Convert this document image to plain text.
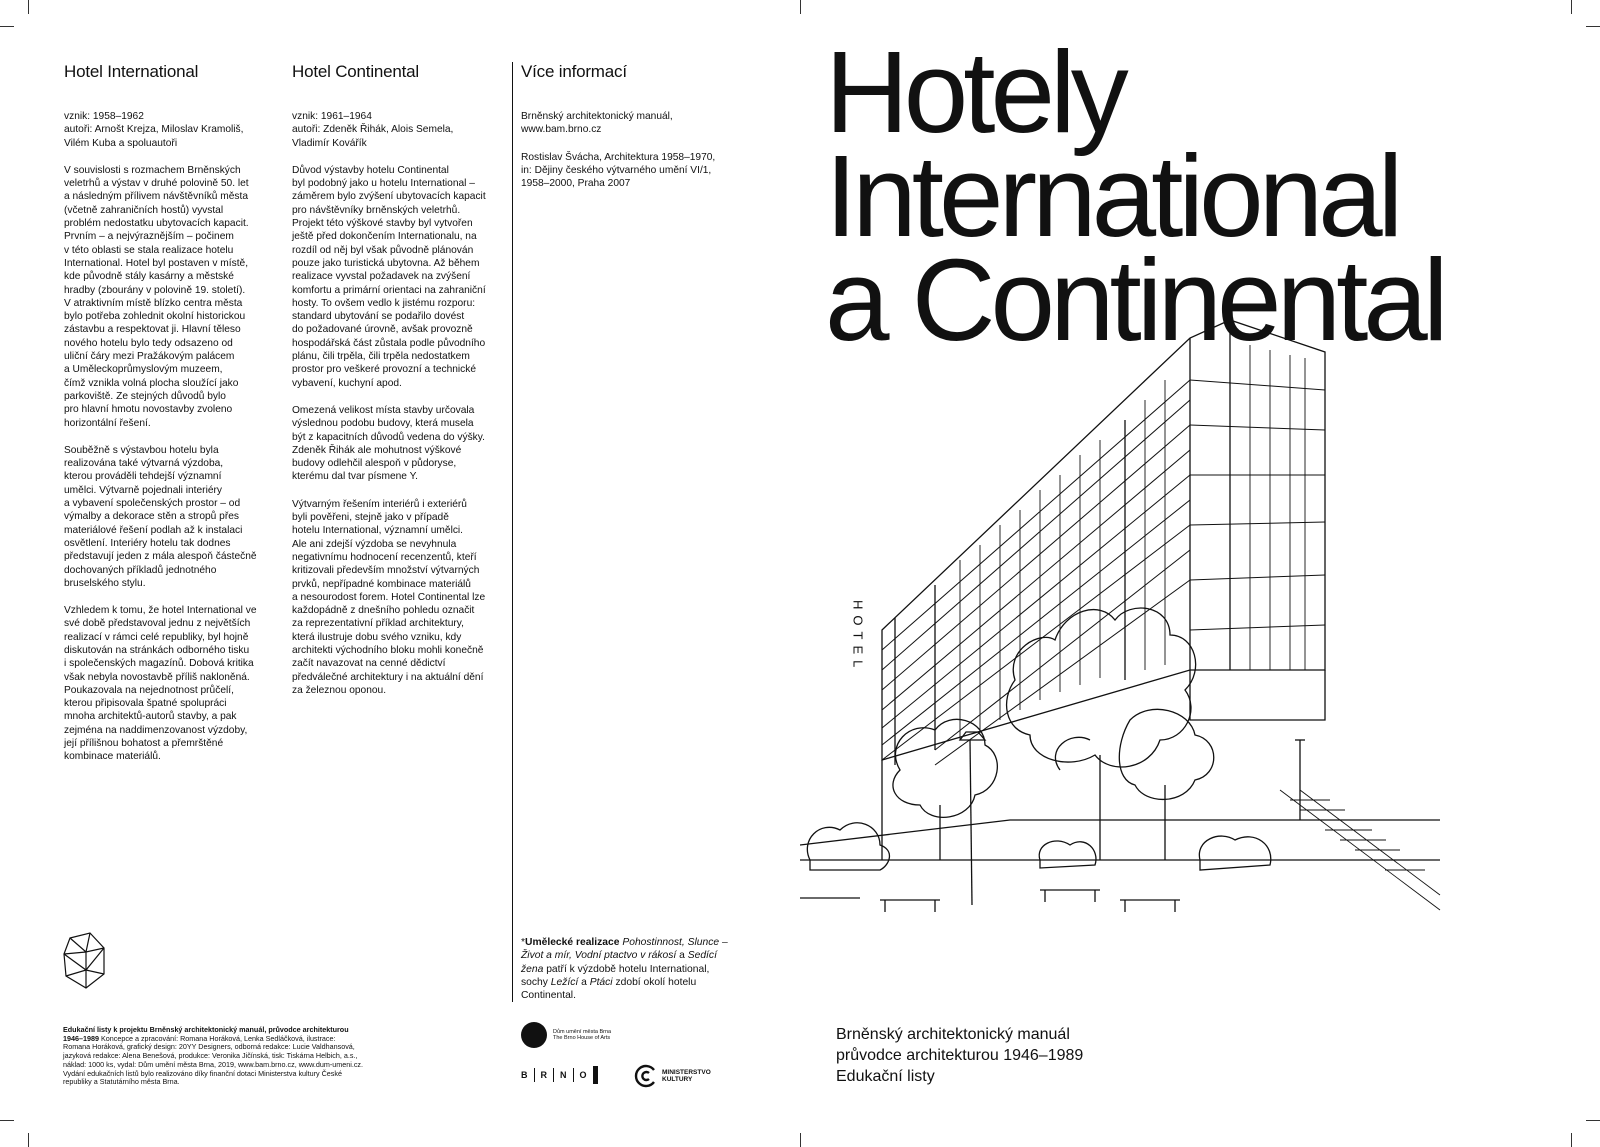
Hotel International

vznik: 1958–1962
autoři: Arnošt Krejza, Miloslav Kramoliš,
Vilém Kuba a spoluautoři

V souvislosti s rozmachem Brněnských
veletrhů a výstav v druhé polovině 50. let
a následným přílivem návštěvníků města
(včetně zahraničních hostů) vyvstal
problém nedostatku ubytovacích kapacit.
Prvním – a nejvýraznějším – počinem
v této oblasti se stala realizace hotelu
International. Hotel byl postaven v místě,
kde původně stály kasárny a městské
hradby (zbourány v polovině 19. století).
V atraktivním místě blízko centra města
bylo potřeba zohlednit okolní historickou
zástavbu a respektovat ji. Hlavní těleso
nového hotelu bylo tedy odsazeno od
uliční čáry mezi Pražákovým palácem
a Uměleckoprůmyslovým muzeem,
čímž vznikla volná plocha sloužící jako
parkoviště. Ze stejných důvodů bylo
pro hlavní hmotu novostavby zvoleno
horizontální řešení.

Souběžně s výstavbou hotelu byla
realizována také výtvarná výzdoba,
kterou prováděli tehdejší významní
umělci. Výtvarně pojednali interiéry
a vybavení společenských prostor – od
výmalby a dekorace stěn a stropů přes
materiálové řešení podlah až k instalaci
osvětlení. Interiéry hotelu tak dodnes
představují jeden z mála alespoň částečně
dochovaných příkladů jednotného
bruselského stylu.

Vzhledem k tomu, že hotel International ve
své době představoval jednu z největších
realizací v rámci celé republiky, byl hojně
diskutován na stránkách odborného tisku
i společenských magazínů. Dobová kritika
však nebyla novostavbě příliš nakloněná.
Poukazovala na nejednotnost průčelí,
kterou připisovala špatné spolupráci
mnoha architektů-autorů stavby, a pak
zejména na naddimenzovanost výzdoby,
její přílišnou bohatost a přemrštěné
kombinace materiálů.

Hotel Continental

vznik: 1961–1964
autoři: Zdeněk Řihák, Alois Semela,
Vladimír Kovářík

Důvod výstavby hotelu Continental
byl podobný jako u hotelu International –
záměrem bylo zvýšení ubytovacích kapacit
pro návštěvníky brněnských veletrhů.
Projekt této výškové stavby byl vytvořen
ještě před dokončením Internationalu, na
rozdíl od něj byl však původně plánován
pouze jako turistická ubytovna. Až během
realizace vyvstal požadavek na zvýšení
komfortu a primární orientaci na zahraniční
hosty. To ovšem vedlo k jistému rozporu:
standard ubytování se podařilo dovést
do požadované úrovně, avšak provozně
hospodářská část zůstala podle původního
plánu, čili trpěla, čili trpěla nedostatkem
prostor pro veškeré provozní a technické
vybavení, kuchyní apod.

Omezená velikost místa stavby určovala
výslednou podobu budovy, která musela
být z kapacitních důvodů vedena do výšky.
Zdeněk Řihák ale mohutnost výškové
budovy odlehčil alespoň v půdoryse,
kterému dal tvar písmene Y.

Výtvarným řešením interiérů i exteriérů
byli pověřeni, stejně jako v případě
hotelu International, významní umělci.
Ale ani zdejší výzdoba se nevyhnula
negativnímu hodnocení recenzentů, kteří
kritizovali především množství výtvarných
prvků, nepřípadné kombinace materiálů
a nesourodost forem. Hotel Continental lze
každopádně z dnešního pohledu označit
za reprezentativní příklad architektury,
která ilustruje dobu svého vzniku, kdy
architekti východního bloku mohli konečně
začít navazovat na cenné dědictví
předválečné architektury i na aktuální dění
za železnou oponou.

Více informací

Brněnský architektonický manuál,
www.bam.brno.cz

Rostislav Švácha, Architektura 1958–1970,
in: Dějiny českého výtvarného umění VI/1,
1958–2000, Praha 2007

HOTEL
Hotely
International
a Continental
*Umělecké realizace Pohostinnost, Slunce –
Život a mír, Vodní ptactvo v rákosí a Sedící
žena patří k výzdobě hotelu International,
sochy Ležící a Ptáci zdobí okolí hotelu
Continental.
Edukační listy k projektu Brněnský architektonický manuál, průvodce architekturou
1946–1989 Koncepce a zpracování: Romana Horáková, Lenka Sedláčková, ilustrace:
Romana Horáková, grafický design: 20YY Designers, odborná redakce: Lucie Valdhansová,
jazyková redakce: Alena Benešová, produkce: Veronika Jičínská, tisk: Tiskárna Helbich, a.s.,
náklad: 1000 ks, vydal: Dům umění města Brna, 2019, www.bam.brno.cz, www.dum-umeni.cz.
Vydání edukačních listů bylo realizováno díky finanční dotaci Ministerstva kultury České
republiky a Statutárního města Brna.
Dům umění města Brna
The Brno House of Arts
B R N O	MINISTERSTVO
KULTURY
Brněnský architektonický manuál
průvodce architekturou 1946–1989
Edukační listy
